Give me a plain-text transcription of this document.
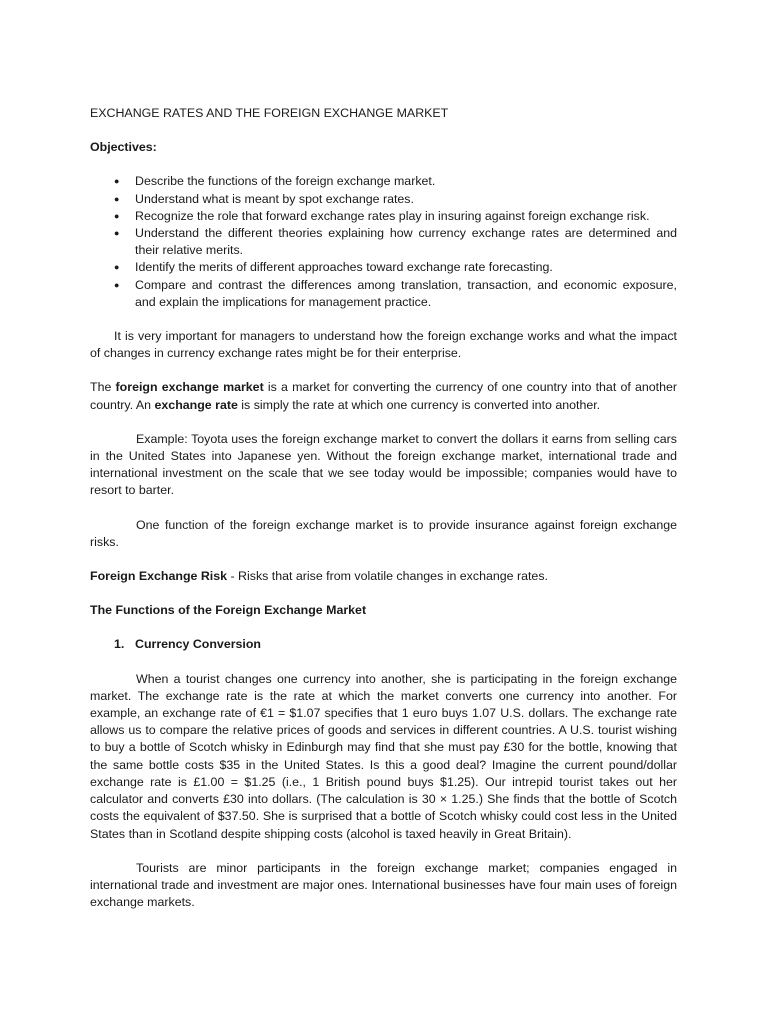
EXCHANGE RATES AND THE FOREIGN EXCHANGE MARKET
Objectives:
● Describe the functions of the foreign exchange market.
● Understand what is meant by spot exchange rates.
● Recognize the role that forward exchange rates play in insuring against foreign exchange risk.
● Understand the different theories explaining how currency exchange rates are determined and their relative merits.
● Identify the merits of different approaches toward exchange rate forecasting.
● Compare and contrast the differences among translation, transaction, and economic exposure, and explain the implications for management practice.

It is very important for managers to understand how the foreign exchange works and what the impact of changes in currency exchange rates might be for their enterprise.

The foreign exchange market is a market for converting the currency of one country into that of another country. An exchange rate is simply the rate at which one currency is converted into another.

Example: Toyota uses the foreign exchange market to convert the dollars it earns from selling cars in the United States into Japanese yen. Without the foreign exchange market, international trade and international investment on the scale that we see today would be impossible; companies would have to resort to barter.

One function of the foreign exchange market is to provide insurance against foreign exchange risks.

Foreign Exchange Risk - Risks that arise from volatile changes in exchange rates.

The Functions of the Foreign Exchange Market
1. Currency Conversion

When a tourist changes one currency into another, she is participating in the foreign exchange market. The exchange rate is the rate at which the market converts one currency into another. For example, an exchange rate of €1 = $1.07 specifies that 1 euro buys 1.07 U.S. dollars. The exchange rate allows us to compare the relative prices of goods and services in different countries. A U.S. tourist wishing to buy a bottle of Scotch whisky in Edinburgh may find that she must pay £30 for the bottle, knowing that the same bottle costs $35 in the United States. Is this a good deal? Imagine the current pound/dollar exchange rate is £1.00 = $1.25 (i.e., 1 British pound buys $1.25). Our intrepid tourist takes out her calculator and converts £30 into dollars. (The calculation is 30 × 1.25.) She finds that the bottle of Scotch costs the equivalent of $37.50. She is surprised that a bottle of Scotch whisky could cost less in the United States than in Scotland despite shipping costs (alcohol is taxed heavily in Great Britain).

Tourists are minor participants in the foreign exchange market; companies engaged in international trade and investment are major ones. International businesses have four main uses of foreign exchange markets.
